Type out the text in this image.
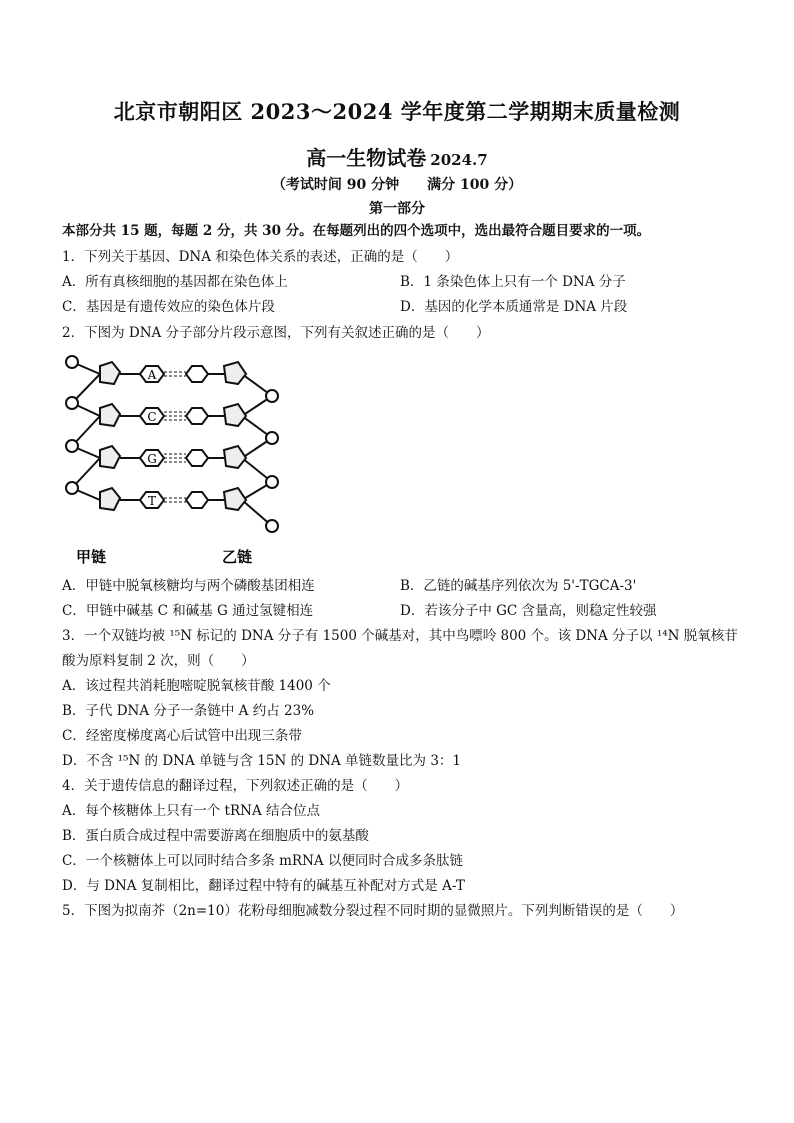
北京市朝阳区 2023～2024 学年度第二学期期末质量检测
高一生物试卷 2024.7
（考试时间 90 分钟　　满分 100 分）
第一部分
本部分共 15 题，每题 2 分，共 30 分。在每题列出的四个选项中，选出最符合题目要求的一项。
1．下列关于基因、DNA 和染色体关系的表述，正确的是（　　）
A．所有真核细胞的基因都在染色体上	B．1 条染色体上只有一个 DNA 分子
C．基因是有遗传效应的染色体片段	D．基因的化学本质通常是 DNA 片段
2．下图为 DNA 分子部分片段示意图，下列有关叙述正确的是（　　）
A
C
G
T
甲链	乙链
A．甲链中脱氧核糖均与两个磷酸基团相连	B．乙链的碱基序列依次为 5'-TGCA-3'
C．甲链中碱基 C 和碱基 G 通过氢键相连	D．若该分子中 GC 含量高，则稳定性较强
3．一个双链均被 ¹⁵N 标记的 DNA 分子有 1500 个碱基对，其中鸟嘌呤 800 个。该 DNA 分子以 ¹⁴N 脱氧核苷
酸为原料复制 2 次，则（　　）
A．该过程共消耗胞嘧啶脱氧核苷酸 1400 个
B．子代 DNA 分子一条链中 A 约占 23%
C．经密度梯度离心后试管中出现三条带
D．不含 ¹⁵N 的 DNA 单链与含 15N 的 DNA 单链数量比为 3：1
4．关于遗传信息的翻译过程，下列叙述正确的是（　　）
A．每个核糖体上只有一个 tRNA 结合位点
B．蛋白质合成过程中需要游离在细胞质中的氨基酸
C．一个核糖体上可以同时结合多条 mRNA 以便同时合成多条肽链
D．与 DNA 复制相比，翻译过程中特有的碱基互补配对方式是 A-T
5．下图为拟南芥（2n=10）花粉母细胞减数分裂过程不同时期的显微照片。下列判断错误的是（　　）
